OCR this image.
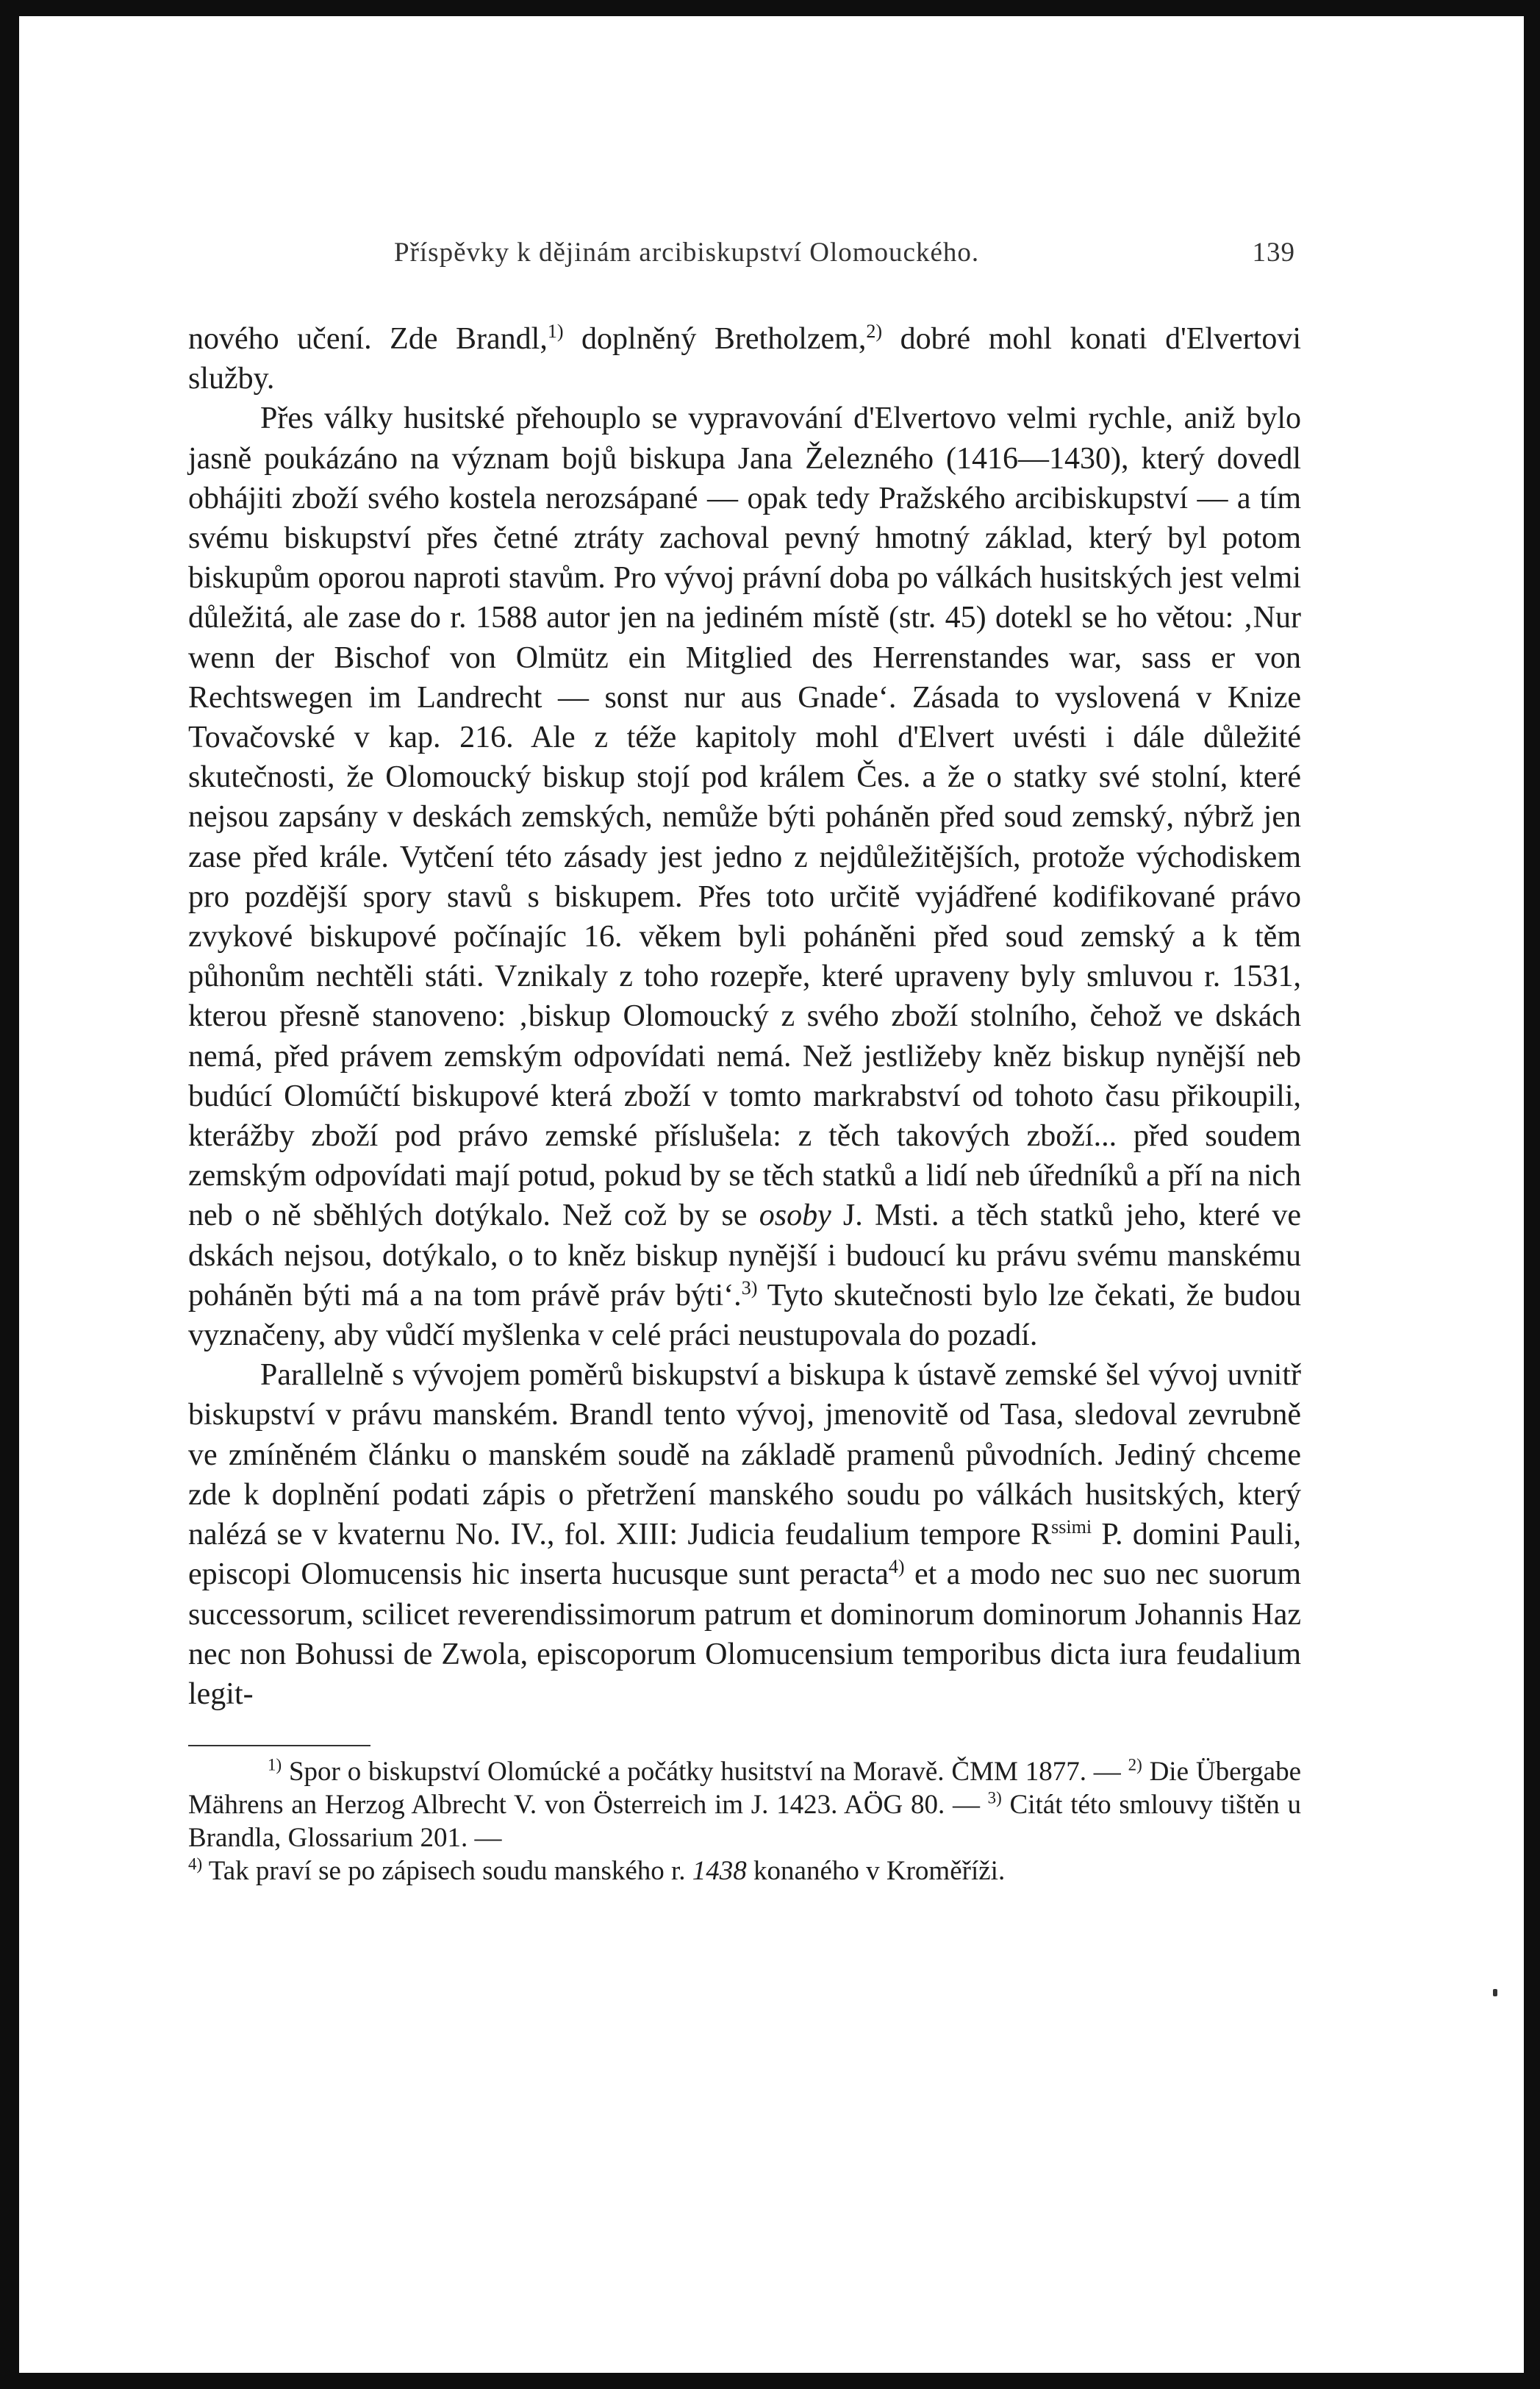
Příspěvky k dějinám arcibiskupství Olomouckého.	139

nového učení. Zde Brandl,$^{1)}$ doplněný Bretholzem,$^{2)}$ dobré mohl konati d'Elvertovi služby.

Přes války husitské přehouplo se vypravování d'Elvertovo velmi rychle, aniž bylo jasně poukázáno na význam bojů biskupa Jana Železného (1416—1430), který dovedl obhájiti zboží svého kostela nerozsápané — opak tedy Pražského arcibiskupství — a tím svému biskupství přes četné ztráty zachoval pevný hmotný základ, který byl potom biskupům oporou naproti stavům. Pro vývoj právní doba po válkách husitských jest velmi důležitá, ale zase do r. 1588 autor jen na jediném místě (str. 45) dotekl se ho větou: ‚Nur wenn der Bischof von Olmütz ein Mitglied des Herrenstandes war, sass er von Rechtswegen im Landrecht — sonst nur aus Gnade‘. Zásada to vyslovená v Knize Tovačovské v kap. 216. Ale z téže kapitoly mohl d'Elvert uvésti i dále důležité skutečnosti, že Olomoucký biskup stojí pod králem Čes. a že o statky své stolní, které nejsou zapsány v deskách zemských, nemůže býti pohánĕn před soud zemský, nýbrž jen zase před krále. Vytčení této zásady jest jedno z nejdůležitějších, protože východiskem pro pozdější spory stavů s biskupem. Přes toto určitě vyjádřené kodifikované právo zvykové biskupové počínajíc 16. věkem byli poháněni před soud zemský a k těm půhonům nechtěli státi. Vznikaly z toho rozepře, které upraveny byly smluvou r. 1531, kterou přesně stanoveno: ‚biskup Olomoucký z svého zboží stolního, čehož ve dskách nemá, před právem zemským odpovídati nemá. Než jestližeby kněz biskup nynější neb budúcí Olomúčtí biskupové která zboží v tomto markrabství od tohoto času přikoupili, kterážby zboží pod právo zemské příslušela: z těch takových zboží... před soudem zemským odpovídati mají potud, pokud by se těch statků a lidí neb úředníků a pří na nich neb o ně sběhlých dotýkalo. Než což by se osoby J. Msti. a těch statků jeho, které ve dskách nejsou, dotýkalo, o to kněz biskup nynější i budoucí ku právu svému manskému pohánĕn býti má a na tom právě práv býti‘.$^{3)}$ Tyto skutečnosti bylo lze čekati, že budou vyznačeny, aby vůdčí myšlenka v celé práci neustupovala do pozadí.

Parallelně s vývojem poměrů biskupství a biskupa k ústavě zemské šel vývoj uvnitř biskupství v právu manském. Brandl tento vývoj, jmenovitě od Tasa, sledoval zevrubně ve zmíněném článku o manském soudě na základě pramenů původních. Jediný chceme zde k doplnění podati zápis o přetržení manského soudu po válkách husitských, který nalézá se v kvaternu No. IV., fol. XIII: Judicia feudalium tempore $R^{ssimi}$ P. domini Pauli, episcopi Olomucensis hic inserta hucusque sunt peracta$^{4)}$ et a modo nec suo nec suorum successorum, scilicet reverendissimorum patrum et dominorum dominorum Johannis Haz nec non Bohussi de Zwola, episcoporum Olomucensium temporibus dicta iura feudalium legit-

$^{1)}$ Spor o biskupství Olomúcké a počátky husitství na Moravě. ČMM 1877. — $^{2)}$ Die Übergabe Mährens an Herzog Albrecht V. von Österreich im J. 1423. AÖG 80. — $^{3)}$ Citát této smlouvy tištěn u Brandla, Glossarium 201. —
$^{4)}$ Tak praví se po zápisech soudu manského r. 1438 konaného v Kroměříži.
